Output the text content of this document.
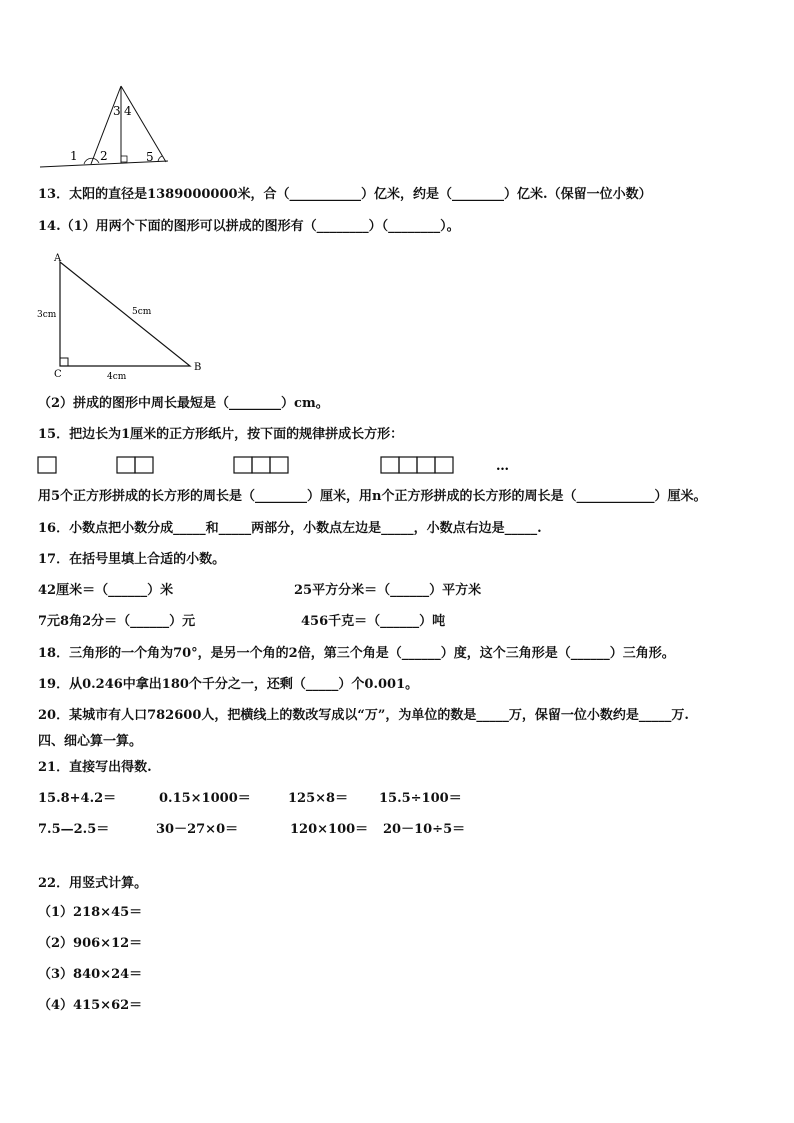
1 2
3 4
5
13．太阳的直径是1389000000米，合（___________）亿米，约是（________）亿米.（保留一位小数）
14.（1）用两个下面的图形可以拼成的图形有（________）（________）。
A
C
B
3cm	5cm
4cm
（2）拼成的图形中周长最短是（________）cm。
15．把边长为1厘米的正方形纸片，按下面的规律拼成长方形：
…
用5个正方形拼成的长方形的周长是（________）厘米，用n个正方形拼成的长方形的周长是（____________）厘米。
16．小数点把小数分成_____和_____两部分，小数点左边是_____，小数点右边是_____.
17．在括号里填上合适的小数。
42厘米＝（______）米	25平方分米＝（______）平方米
7元8角2分＝（______）元	456千克＝（______）吨
18．三角形的一个角为70°，是另一个角的2倍，第三个角是（______）度，这个三角形是（______）三角形。
19．从0.246中拿出180个千分之一，还剩（_____）个0.001。
20．某城市有人口782600人，把横线上的数改写成以“万”，为单位的数是_____万，保留一位小数约是_____万.
四、细心算一算。
21．直接写出得数.
15.8+4.2＝	0.15×1000＝	125×8＝ 15.5÷100＝
7.5—2.5＝	30－27×0＝	120×100＝ 20－10÷5＝
22．用竖式计算。
（1）218×45＝
（2）906×12＝
（3）840×24＝
（4）415×62＝
